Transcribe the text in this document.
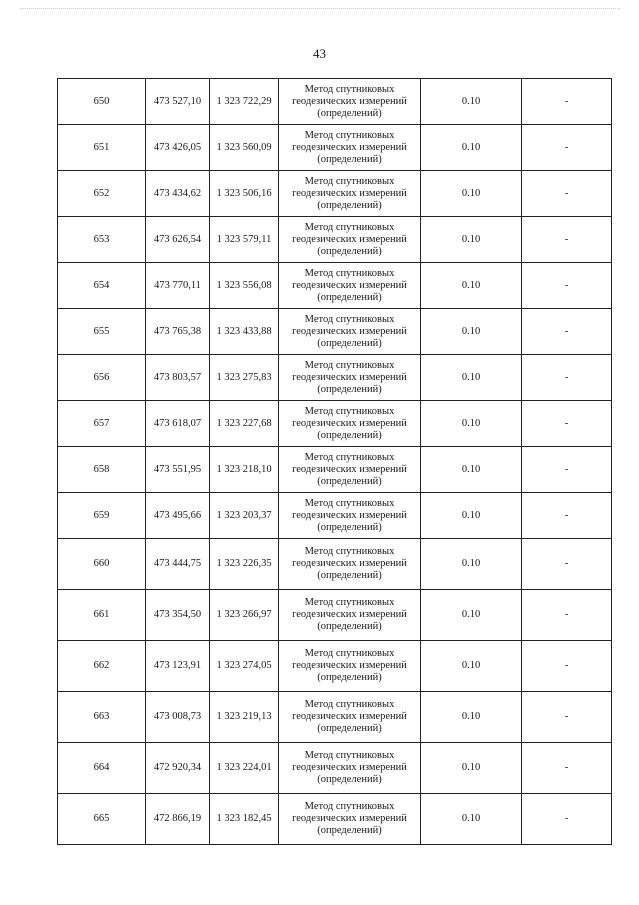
43
650	473 527,10	1 323 722,29	Метод спутниковых
геодезических измерений
(определений)	0.10	-
651	473 426,05	1 323 560,09	Метод спутниковых
геодезических измерений
(определений)	0.10	-
652	473 434,62	1 323 506,16	Метод спутниковых
геодезических измерений
(определений)	0.10	-
653	473 626,54	1 323 579,11	Метод спутниковых
геодезических измерений
(определений)	0.10	-
654	473 770,11	1 323 556,08	Метод спутниковых
геодезических измерений
(определений)	0.10	-
655	473 765,38	1 323 433,88	Метод спутниковых
геодезических измерений
(определений)	0.10	-
656	473 803,57	1 323 275,83	Метод спутниковых
геодезических измерений
(определений)	0.10	-
657	473 618,07	1 323 227,68	Метод спутниковых
геодезических измерений
(определений)	0.10	-
658	473 551,95	1 323 218,10	Метод спутниковых
геодезических измерений
(определений)	0.10	-
659	473 495,66	1 323 203,37	Метод спутниковых
геодезических измерений
(определений)	0.10	-
660	473 444,75	1 323 226,35	Метод спутниковых
геодезических измерений
(определений)	0.10	-
661	473 354,50	1 323 266,97	Метод спутниковых
геодезических измерений
(определений)	0.10	-
662	473 123,91	1 323 274,05	Метод спутниковых
геодезических измерений
(определений)	0.10	-
663	473 008,73	1 323 219,13	Метод спутниковых
геодезических измерений
(определений)	0.10	-
664	472 920,34	1 323 224,01	Метод спутниковых
геодезических измерений
(определений)	0.10	-
665	472 866,19	1 323 182,45	Метод спутниковых
геодезических измерений
(определений)	0.10	-
